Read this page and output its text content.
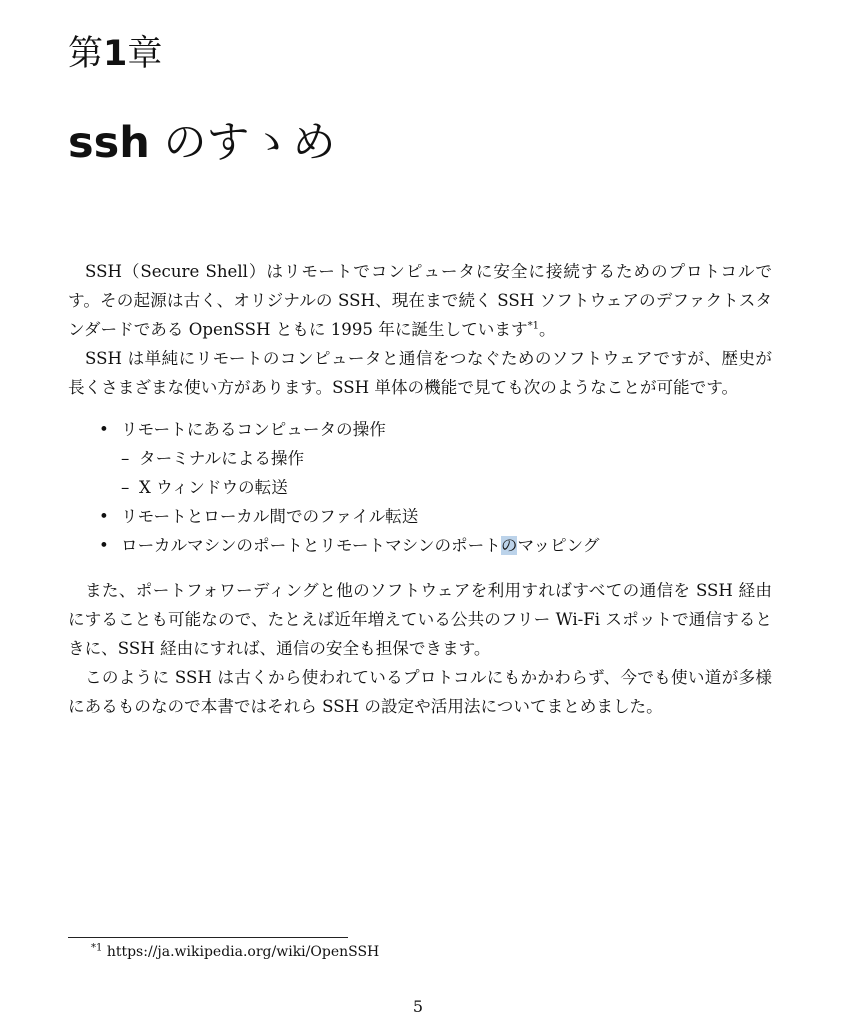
第1章
ssh のすゝめ

SSH（Secure Shell）はリモートでコンピュータに安全に接続するためのプロトコルです。その起源は古く、オリジナルの SSH、現在まで続く SSH ソフトウェアのデファクトスタンダードである OpenSSH ともに 1995 年に誕生しています$^{*1}$。

SSH は単純にリモートのコンピュータと通信をつなぐためのソフトウェアですが、歴史が長くさまざまな使い方があります。SSH 単体の機能で見ても次のようなことが可能です。

• リモートにあるコンピュータの操作
– ターミナルによる操作
– X ウィンドウの転送
• リモートとローカル間でのファイル転送
• ローカルマシンのポートとリモートマシンのポートのマッピング

また、ポートフォワーディングと他のソフトウェアを利用すればすべての通信を SSH 経由にすることも可能なので、たとえば近年増えている公共のフリー Wi-Fi スポットで通信するときに、SSH 経由にすれば、通信の安全も担保できます。

このように SSH は古くから使われているプロトコルにもかかわらず、今でも使い道が多様にあるものなので本書ではそれら SSH の設定や活用法についてまとめました。

$^{*1}$ https://ja.wikipedia.org/wiki/OpenSSH
5
